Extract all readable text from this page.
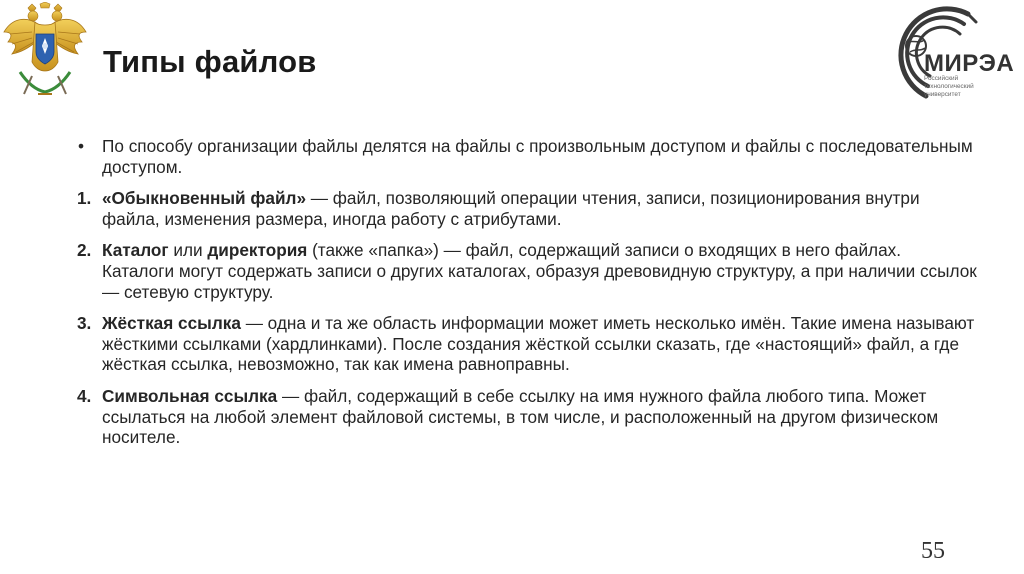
Типы файлов	МИРЭА
Российский
технологический
университет
• По способу организации файлы делятся на файлы с произвольным доступом и файлы с последовательным доступом.
1. «Обыкновенный файл» — файл, позволяющий операции чтения, записи, позиционирования внутри файла, изменения размера, иногда работу с атрибутами.
2. Каталог или директория (также «папка») — файл, содержащий записи о входящих в него файлах. Каталоги могут содержать записи о других каталогах, образуя древовидную структуру, а при наличии ссылок — сетевую структуру.
3. Жёсткая ссылка — одна и та же область информации может иметь несколько имён. Такие имена называют жёсткими ссылками (хардлинками). После создания жёсткой ссылки сказать, где «настоящий» файл, а где жёсткая ссылка, невозможно, так как имена равноправны.
4. Символьная ссылка — файл, содержащий в себе ссылку на имя нужного файла любого типа. Может ссылаться на любой элемент файловой системы, в том числе, и расположенный на другом физическом носителе.
55
